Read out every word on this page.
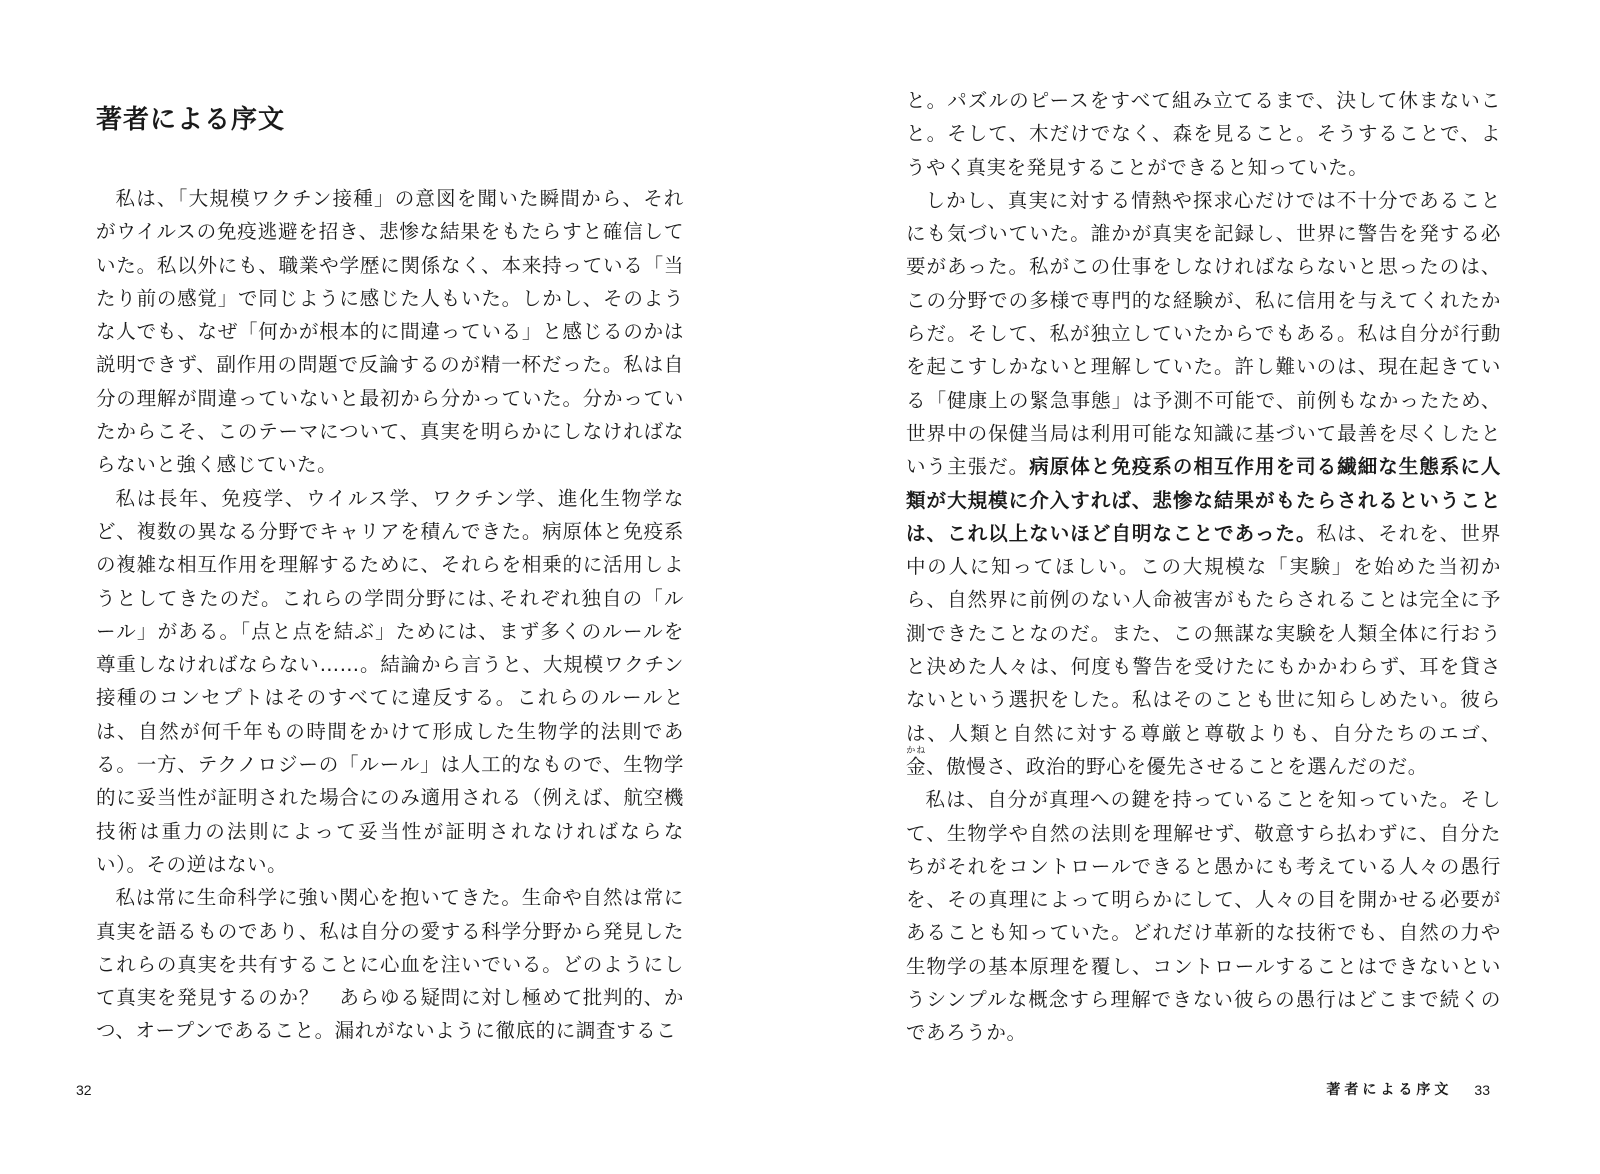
著者による序文

私は、「大規模ワクチン接種」の意図を聞いた瞬間から、それがウイルスの免疫逃避を招き、悲惨な結果をもたらすと確信していた。私以外にも、職業や学歴に関係なく、本来持っている「当たり前の感覚」で同じように感じた人もいた。しかし、そのような人でも、なぜ「何かが根本的に間違っている」と感じるのかは説明できず、副作用の問題で反論するのが精一杯だった。私は自分の理解が間違っていないと最初から分かっていた。分かっていたからこそ、このテーマについて、真実を明らかにしなければならないと強く感じていた。

私は長年、免疫学、ウイルス学、ワクチン学、進化生物学など、複数の異なる分野でキャリアを積んできた。病原体と免疫系の複雑な相互作用を理解するために、それらを相乗的に活用しようとしてきたのだ。これらの学問分野には､それぞれ独自の「ルール」がある。「点と点を結ぶ」ためには、まず多くのルールを尊重しなければならない……。結論から言うと、大規模ワクチン接種のコンセプトはそのすべてに違反する。これらのルールとは、自然が何千年もの時間をかけて形成した生物学的法則である。一方、テクノロジーの「ルール」は人工的なもので、生物学的に妥当性が証明された場合にのみ適用される（例えば、航空機技術は重力の法則によって妥当性が証明されなければならない）。その逆はない。

私は常に生命科学に強い関心を抱いてきた。生命や自然は常に真実を語るものであり、私は自分の愛する科学分野から発見したこれらの真実を共有することに心血を注いでいる。どのようにして真実を発見するのか？　あらゆる疑問に対し極めて批判的、かつ、オープンであること。漏れがないように徹底的に調査するこ

32

と。パズルのピースをすべて組み立てるまで、決して休まないこと。そして、木だけでなく、森を見ること。そうすることで、ようやく真実を発見することができると知っていた。

しかし、真実に対する情熱や探求心だけでは不十分であることにも気づいていた。誰かが真実を記録し、世界に警告を発する必要があった。私がこの仕事をしなければならないと思ったのは、この分野での多様で専門的な経験が、私に信用を与えてくれたからだ。そして、私が独立していたからでもある。私は自分が行動を起こすしかないと理解していた。許し難いのは、現在起きている「健康上の緊急事態」は予測不可能で、前例もなかったため、世界中の保健当局は利用可能な知識に基づいて最善を尽くしたという主張だ。病原体と免疫系の相互作用を司る繊細な生態系に人類が大規模に介入すれば、悲惨な結果がもたらされるということは、これ以上ないほど自明なことであった。私は、それを、世界中の人に知ってほしい。この大規模な「実験」を始めた当初から、自然界に前例のない人命被害がもたらされることは完全に予測できたことなのだ。また、この無謀な実験を人類全体に行おうと決めた人々は、何度も警告を受けたにもかかわらず、耳を貸さないという選択をした。私はそのことも世に知らしめたい。彼らは、人類と自然に対する尊厳と尊敬よりも、自分たちのエゴ、金かね、傲慢さ、政治的野心を優先させることを選んだのだ。

私は、自分が真理への鍵を持っていることを知っていた。そして、生物学や自然の法則を理解せず、敬意すら払わずに、自分たちがそれをコントロールできると愚かにも考えている人々の愚行を、その真理によって明らかにして、人々の目を開かせる必要があることも知っていた。どれだけ革新的な技術でも、自然の力や生物学の基本原理を覆し、コントロールすることはできないというシンプルな概念すら理解できない彼らの愚行はどこまで続くのであろうか。

著者による序文 33
